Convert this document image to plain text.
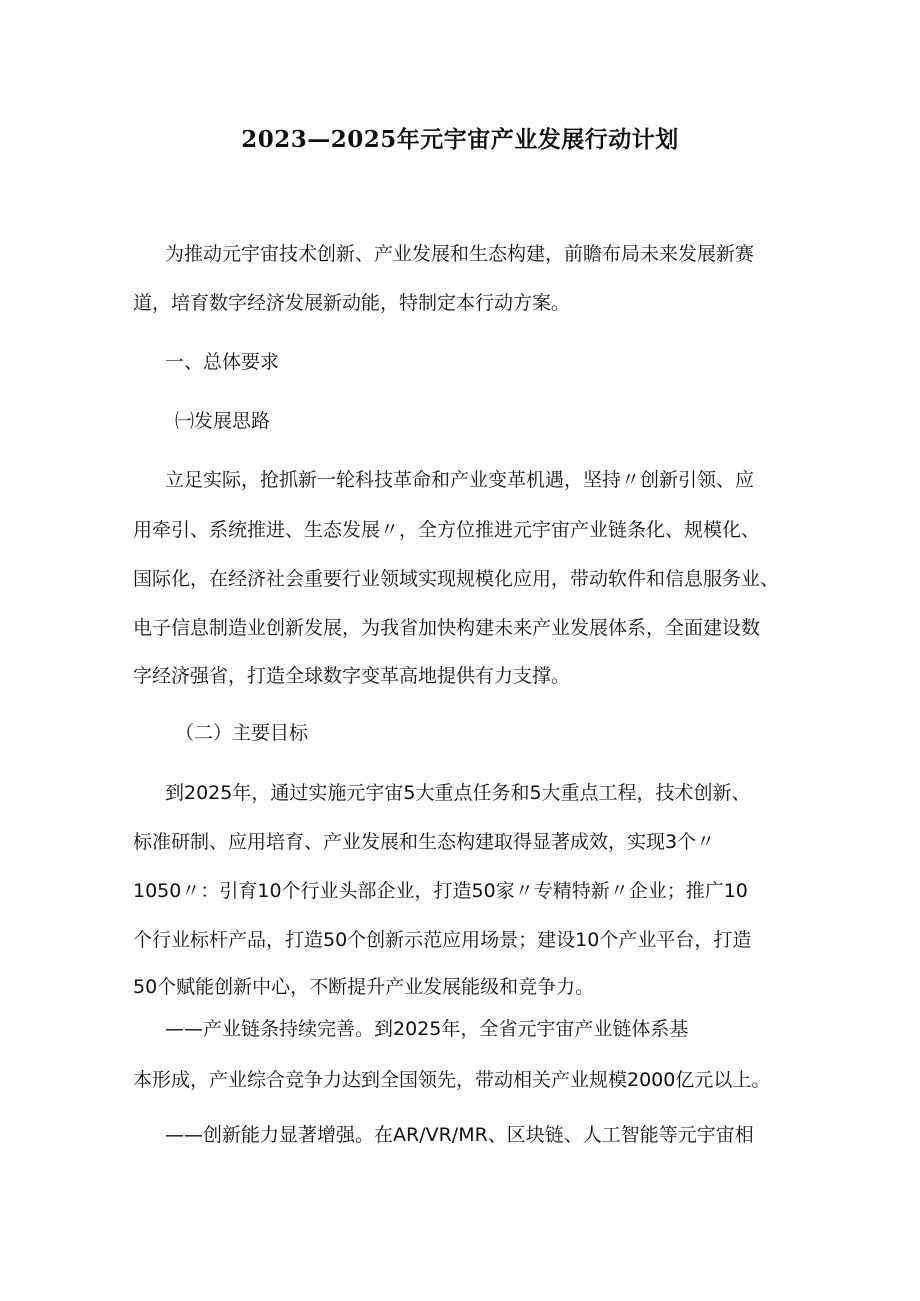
2023—2025年元宇宙产业发展行动计划
为推动元宇宙技术创新、产业发展和生态构建，前瞻布局未来发展新赛
道，培育数字经济发展新动能，特制定本行动方案。
一、总体要求
㈠发展思路
立足实际，抢抓新一轮科技革命和产业变革机遇，坚持〃创新引领、应
用牵引、系统推进、生态发展〃，全方位推进元宇宙产业链条化、规模化、
国际化，在经济社会重要行业领域实现规模化应用，带动软件和信息服务业、
电子信息制造业创新发展，为我省加快构建未来产业发展体系，全面建设数
字经济强省，打造全球数字变革高地提供有力支撑。
（二）主要目标
到2025年，通过实施元宇宙5大重点任务和5大重点工程，技术创新、
标准研制、应用培育、产业发展和生态构建取得显著成效，实现3个〃
1050〃：引育10个行业头部企业，打造50家〃专精特新〃企业；推广10
个行业标杆产品，打造50个创新示范应用场景；建设10个产业平台，打造
50个赋能创新中心，不断提升产业发展能级和竞争力。
——产业链条持续完善。到2025年，全省元宇宙产业链体系基
本形成，产业综合竞争力达到全国领先，带动相关产业规模2000亿元以上。
——创新能力显著增强。在AR/VR/MR、区块链、人工智能等元宇宙相
